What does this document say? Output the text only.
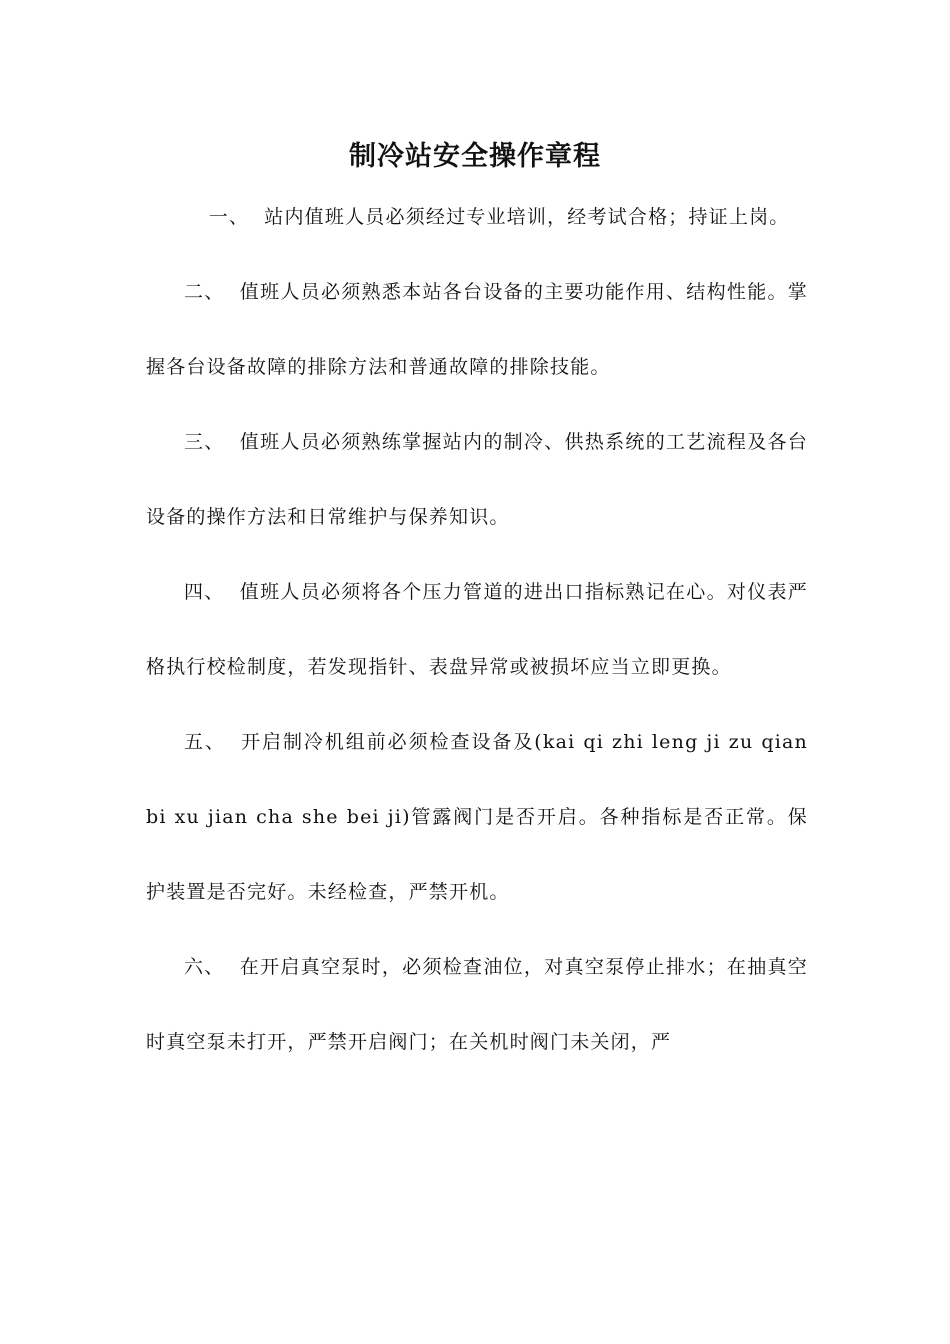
制冷站安全操作章程

一、 站内值班人员必须经过专业培训，经考试合格；持证上岗。

二、 值班人员必须熟悉本站各台设备的主要功能作用、结构性能。掌握各台设备故障的排除方法和普通故障的排除技能。

三、 值班人员必须熟练掌握站内的制冷、供热系统的工艺流程及各台设备的操作方法和日常维护与保养知识。

四、 值班人员必须将各个压力管道的进出口指标熟记在心。对仪表严格执行校检制度，若发现指针、表盘异常或被损坏应当立即更换。

五、 开启制冷机组前必须检查设备及(kai qi zhi leng ji zu qian bi xu jian cha she bei ji)管露阀门是否开启。各种指标是否正常。保护装置是否完好。未经检查，严禁开机。

六、 在开启真空泵时，必须检查油位，对真空泵停止排水；在抽真空时真空泵未打开，严禁开启阀门；在关机时阀门未关闭，严
